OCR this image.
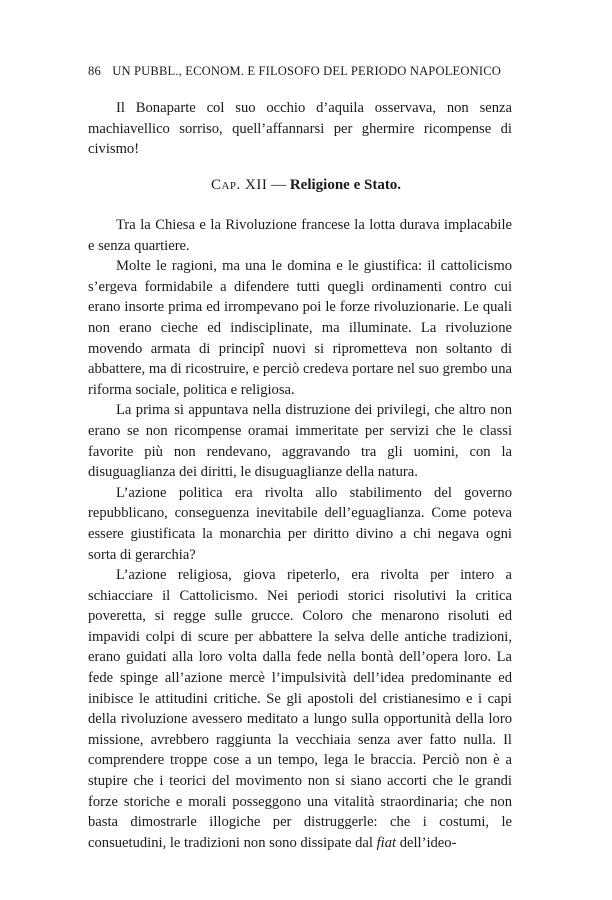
86 UN PUBBL., ECONOM. E FILOSOFO DEL PERIODO NAPOLEONICO

Il Bonaparte col suo occhio d’aquila osservava, non senza machiavellico sorriso, quell’affannarsi per ghermire ricompense di civismo!

Cap. XII — Religione e Stato.

Tra la Chiesa e la Rivoluzione francese la lotta durava implacabile e senza quartiere.

Molte le ragioni, ma una le domina e le giustifica: il cattolicismo s’ergeva formidabile a difendere tutti quegli ordinamenti contro cui erano insorte prima ed irrompevano poi le forze rivoluzionarie. Le quali non erano cieche ed indisciplinate, ma illuminate. La rivoluzione movendo armata di principî nuovi si riprometteva non soltanto di abbattere, ma di ricostruire, e perciò credeva portare nel suo grembo una riforma sociale, politica e religiosa.

La prima si appuntava nella distruzione dei privilegi, che altro non erano se non ricompense oramai immeritate per servizi che le classi favorite più non rendevano, aggravando tra gli uomini, con la disuguaglianza dei diritti, le disuguaglianze della natura.

L’azione politica era rivolta allo stabilimento del governo repubblicano, conseguenza inevitabile dell’eguaglianza. Come poteva essere giustificata la monarchia per diritto divino a chi negava ogni sorta di gerarchia?

L’azione religiosa, giova ripeterlo, era rivolta per intero a schiacciare il Cattolicismo. Nei periodi storici risolutivi la critica poveretta, si regge sulle grucce. Coloro che menarono risoluti ed impavidi colpi di scure per abbattere la selva delle antiche tradizioni, erano guidati alla loro volta dalla fede nella bontà dell’opera loro. La fede spinge all’azione mercè l’impulsività dell’idea predominante ed inibisce le attitudini critiche. Se gli apostoli del cristianesimo e i capi della rivoluzione avessero meditato a lungo sulla opportunità della loro missione, avrebbero raggiunta la vecchiaia senza aver fatto nulla. Il comprendere troppe cose a un tempo, lega le braccia. Perciò non è a stupire che i teorici del movimento non si siano accorti che le grandi forze storiche e morali posseggono una vitalità straordinaria; che non basta dimostrarle illogiche per distruggerle: che i costumi, le consuetudini, le tradizioni non sono dissipate dal fiat dell’ideo-
